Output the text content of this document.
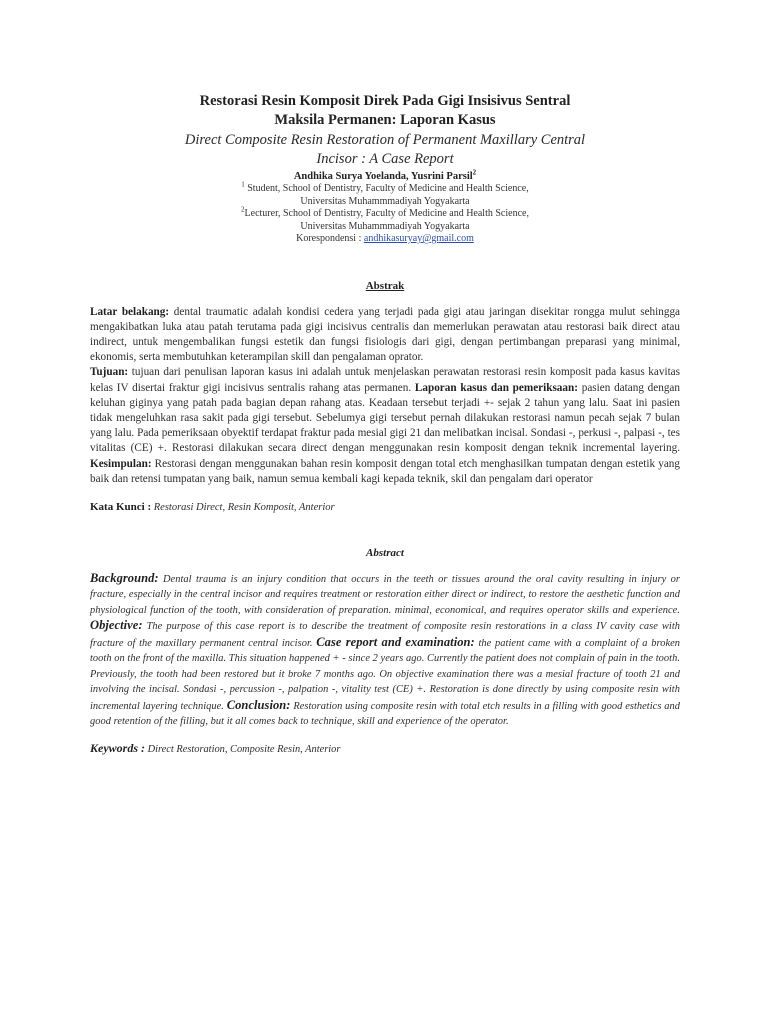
Restorasi Resin Komposit Direk Pada Gigi Insisivus Sentral
Maksila Permanen: Laporan Kasus
Direct Composite Resin Restoration of Permanent Maxillary Central
Incisor : A Case Report
Andhika Surya Yoelanda, Yusrini Parsil$^2$
$^1$ Student, School of Dentistry, Faculty of Medicine and Health Science,
Universitas Muhammmadiyah Yogyakarta
$^2$Lecturer, School of Dentistry, Faculty of Medicine and Health Science,
Universitas Muhammmadiyah Yogyakarta
Korespondensi : andhikasuryay@gmail.com
Abstrak
Latar belakang: dental traumatic adalah kondisi cedera yang terjadi pada gigi atau jaringan disekitar rongga mulut sehingga mengakibatkan luka atau patah terutama pada gigi incisivus centralis dan memerlukan perawatan atau restorasi baik direct atau indirect, untuk mengembalikan fungsi estetik dan fungsi fisiologis dari gigi, dengan pertimbangan preparasi yang minimal, ekonomis, serta membutuhkan keterampilan skill dan pengalaman oprator.
Tujuan: tujuan dari penulisan laporan kasus ini adalah untuk menjelaskan perawatan restorasi resin komposit pada kasus kavitas kelas IV disertai fraktur gigi incisivus sentralis rahang atas permanen. Laporan kasus dan pemeriksaan: pasien datang dengan keluhan giginya yang patah pada bagian depan rahang atas. Keadaan tersebut terjadi +- sejak 2 tahun yang lalu. Saat ini pasien tidak mengeluhkan rasa sakit pada gigi tersebut. Sebelumya gigi tersebut pernah dilakukan restorasi namun pecah sejak 7 bulan yang lalu. Pada pemeriksaan obyektif terdapat fraktur pada mesial gigi 21 dan melibatkan incisal. Sondasi -, perkusi -, palpasi -, tes vitalitas (CE) +. Restorasi dilakukan secara direct dengan menggunakan resin komposit dengan teknik incremental layering. Kesimpulan: Restorasi dengan menggunakan bahan resin komposit dengan total etch menghasilkan tumpatan dengan estetik yang baik dan retensi tumpatan yang baik, namun semua kembali kagi kepada teknik, skil dan pengalam dari operator
Kata Kunci : Restorasi Direct, Resin Komposit, Anterior
Abstract
Background: Dental trauma is an injury condition that occurs in the teeth or tissues around the oral cavity resulting in injury or fracture, especially in the central incisor and requires treatment or restoration either direct or indirect, to restore the aesthetic function and physiological function of the tooth, with consideration of preparation. minimal, economical, and requires operator skills and experience. Objective: The purpose of this case report is to describe the treatment of composite resin restorations in a class IV cavity case with fracture of the maxillary permanent central incisor. Case report and examination: the patient came with a complaint of a broken tooth on the front of the maxilla. This situation happened + - since 2 years ago. Currently the patient does not complain of pain in the tooth. Previously, the tooth had been restored but it broke 7 months ago. On objective examination there was a mesial fracture of tooth 21 and involving the incisal. Sondasi -, percussion -, palpation -, vitality test (CE) +. Restoration is done directly by using composite resin with incremental layering technique. Conclusion: Restoration using composite resin with total etch results in a filling with good esthetics and good retention of the filling, but it all comes back to technique, skill and experience of the operator.
Keywords : Direct Restoration, Composite Resin, Anterior
